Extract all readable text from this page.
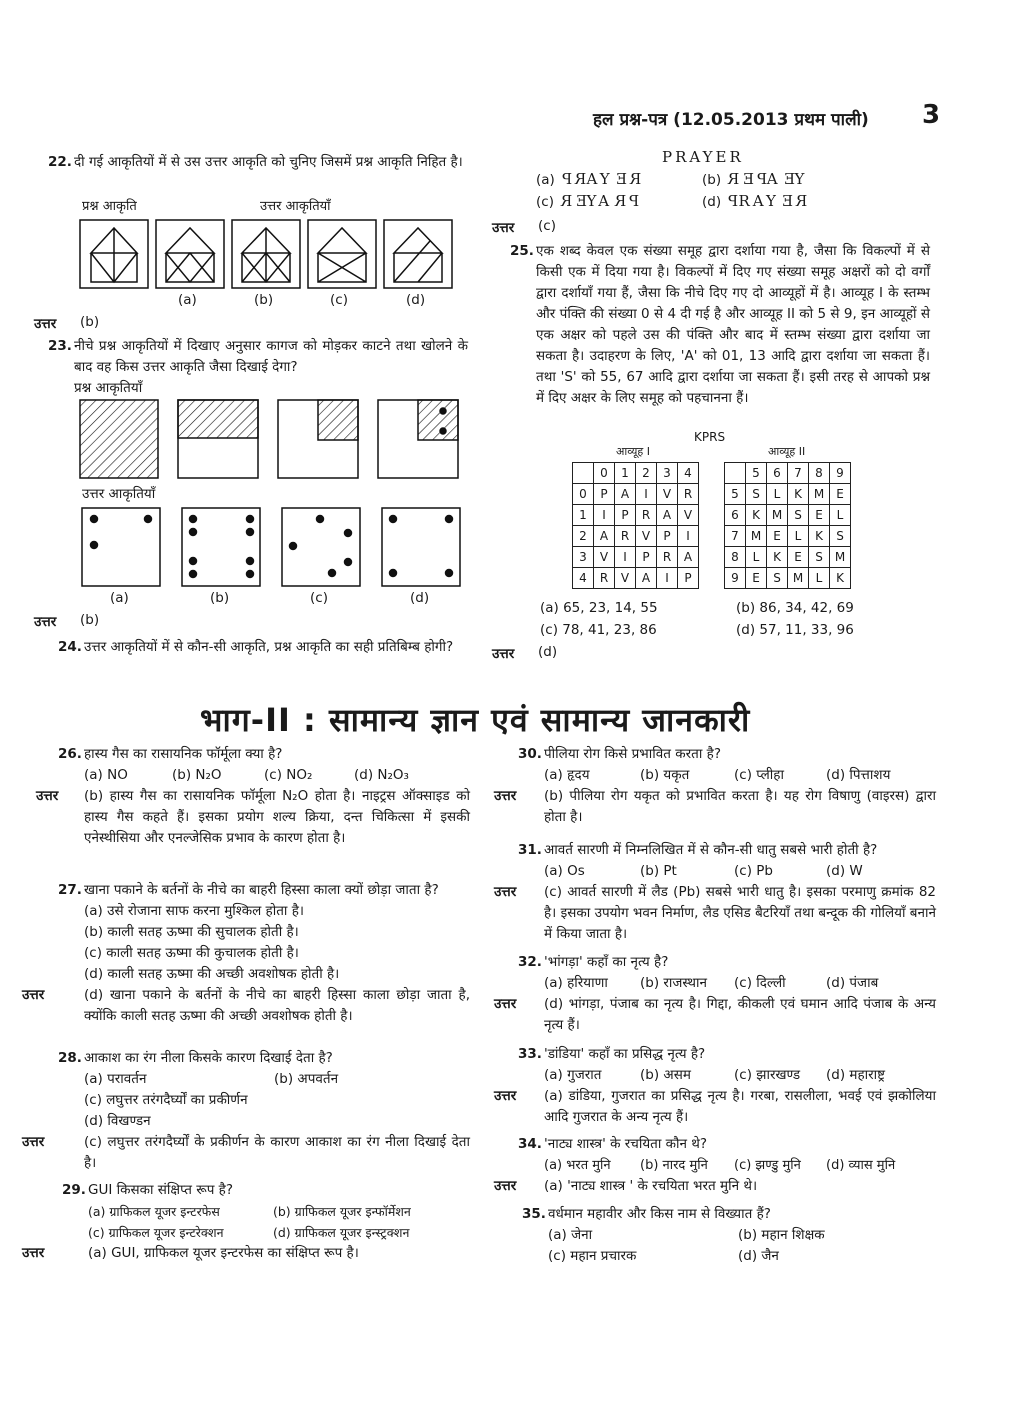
हल प्रश्न-पत्र (12.05.2013 प्रथम पाली) 3
22. दी गई आकृतियों में से उस उत्तर आकृति को चुनिए जिसमें प्रश्न आकृति निहित है।
प्रश्न आकृति	उत्तर आकृतियाँ
(a)	(b)	(c)	(d)
उत्तर (b)
23. नीचे प्रश्न आकृतियों में दिखाए अनुसार कागज को मोड़कर काटने तथा खोलने के बाद वह किस उत्तर आकृति जैसा दिखाई देगा?
प्रश्न आकृतियाँ
उत्तर आकृतियाँ
(a)	(b)	(c)	(d)
उत्तर (b)
24. उत्तर आकृतियों में से कौन-सी आकृति, प्रश्न आकृति का सही प्रतिबिम्ब होगी?
PRAYER
(a) PRAYER	(b) REPAEY
(c) REYARP	(d) PRAYER
उत्तर (c)
25. एक शब्द केवल एक संख्या समूह द्वारा दर्शाया गया है, जैसा कि विकल्पों में से किसी एक में दिया गया है। विकल्पों में दिए गए संख्या समूह अक्षरों को दो वर्गों द्वारा दर्शायाँ गया हैं, जैसा कि नीचे दिए गए दो आव्यूहों में है। आव्यूह I के स्तम्भ और पंक्ति की संख्या 0 से 4 दी गई है और आव्यूह II को 5 से 9, इन आव्यूहों से एक अक्षर को पहले उस की पंक्ति और बाद में स्तम्भ संख्या द्वारा दर्शाया जा सकता है। उदाहरण के लिए, 'A' को 01, 13 आदि द्वारा दर्शाया जा सकता हैं। तथा 'S' को 55, 67 आदि द्वारा दर्शाया जा सकता हैं। इसी तरह से आपको प्रश्न में दिए अक्षर के लिए समूह को पहचानना हैं।
KPRS
आव्यूह I	आव्यूह II
	0	1	2	3	4
0	P	A	I	V	R
1	I	P	R	A	V
2	A	R	V	P	I
3	V	I	P	R	A
4	R	V	A	I	P
	5	6	7	8	9
5	S	L	K	M	E
6	K	M	S	E	L
7	M	E	L	K	S
8	L	K	E	S	M
9	E	S	M	L	K
(a) 65, 23, 14, 55	(b) 86, 34, 42, 69
(c) 78, 41, 23, 86	(d) 57, 11, 33, 96
उत्तर (d)
भाग-II : सामान्य ज्ञान एवं सामान्य जानकारी
26. हास्य गैस का रासायनिक फॉर्मूला क्या है?
(a) NO	(b) N₂O	(c) NO₂	(d) N₂O₃
उत्तर (b) हास्य गैस का रासायनिक फॉर्मूला N₂O होता है। नाइट्रस ऑक्साइड को हास्य गैस कहते हैं। इसका प्रयोग शल्य क्रिया, दन्त चिकित्सा में इसकी एनेस्थीसिया और एनल्जेसिक प्रभाव के कारण होता है।
27. खाना पकाने के बर्तनों के नीचे का बाहरी हिस्सा काला क्यों छोड़ा जाता है?
(a) उसे रोजाना साफ करना मुश्किल होता है।
(b) काली सतह ऊष्मा की सुचालक होती है।
(c) काली सतह ऊष्मा की कुचालक होती है।
(d) काली सतह ऊष्मा की अच्छी अवशोषक होती है।
उत्तर	(d) खाना पकाने के बर्तनों के नीचे का बाहरी हिस्सा काला छोड़ा जाता है, क्योंकि काली सतह ऊष्मा की अच्छी अवशोषक होती है।
28. आकाश का रंग नीला किसके कारण दिखाई देता है?
(a) परावर्तन	(b) अपवर्तन
(c) लघुत्तर तरंगदैर्घ्यों का प्रकीर्णन
(d) विखण्डन
उत्तर	(c) लघुत्तर तरंगदैर्घ्यों के प्रकीर्णन के कारण आकाश का रंग नीला दिखाई देता है।
29. GUI किसका संक्षिप्त रूप है?
(a) ग्राफिकल यूजर इन्टरफेस	(b) ग्राफिकल यूजर इन्फॉर्मेशन
(c) ग्राफिकल यूजर इन्टरेक्शन	(d) ग्राफिकल यूजर इन्स्ट्रक्शन
उत्तर	(a) GUI, ग्राफिकल यूजर इन्टरफेस का संक्षिप्त रूप है।
30. पीलिया रोग किसे प्रभावित करता है?
(a) हृदय	(b) यकृत	(c) प्लीहा	(d) पित्ताशय
उत्तर (b) पीलिया रोग यकृत को प्रभावित करता है। यह रोग विषाणु (वाइरस) द्वारा होता है।
31. आवर्त सारणी में निम्नलिखित में से कौन-सी धातु सबसे भारी होती है?
(a) Os	(b) Pt	(c) Pb	(d) W
उत्तर (c) आवर्त सारणी में लैड (Pb) सबसे भारी धातु है। इसका परमाणु क्रमांक 82 है। इसका उपयोग भवन निर्माण, लैड एसिड बैटरियाँ तथा बन्दूक की गोलियाँ बनाने में किया जाता है।
32. 'भांगड़ा' कहाँ का नृत्य है?
(a) हरियाणा	(b) राजस्थान	(c) दिल्ली	(d) पंजाब
उत्तर (d) भांगड़ा, पंजाब का नृत्य है। गिद्दा, कीकली एवं घमान आदि पंजाब के अन्य नृत्य हैं।
33. 'डांडिया' कहाँ का प्रसिद्ध नृत्य है?
(a) गुजरात	(b) असम	(c) झारखण्ड	(d) महाराष्ट्र
उत्तर (a) डांडिया, गुजरात का प्रसिद्ध नृत्य है। गरबा, रासलीला, भवई एवं झकोलिया आदि गुजरात के अन्य नृत्य हैं।
34. 'नाट्य शास्त्र' के रचयिता कौन थे?
(a) भरत मुनि	(b) नारद मुनि	(c) झण्डु मुनि	(d) व्यास मुनि
उत्तर (a) 'नाट्य शास्त्र ' के रचयिता भरत मुनि थे।
35. वर्धमान महावीर और किस नाम से विख्यात हैं?
(a) जेना	(b) महान शिक्षक
(c) महान प्रचारक	(d) जैन
